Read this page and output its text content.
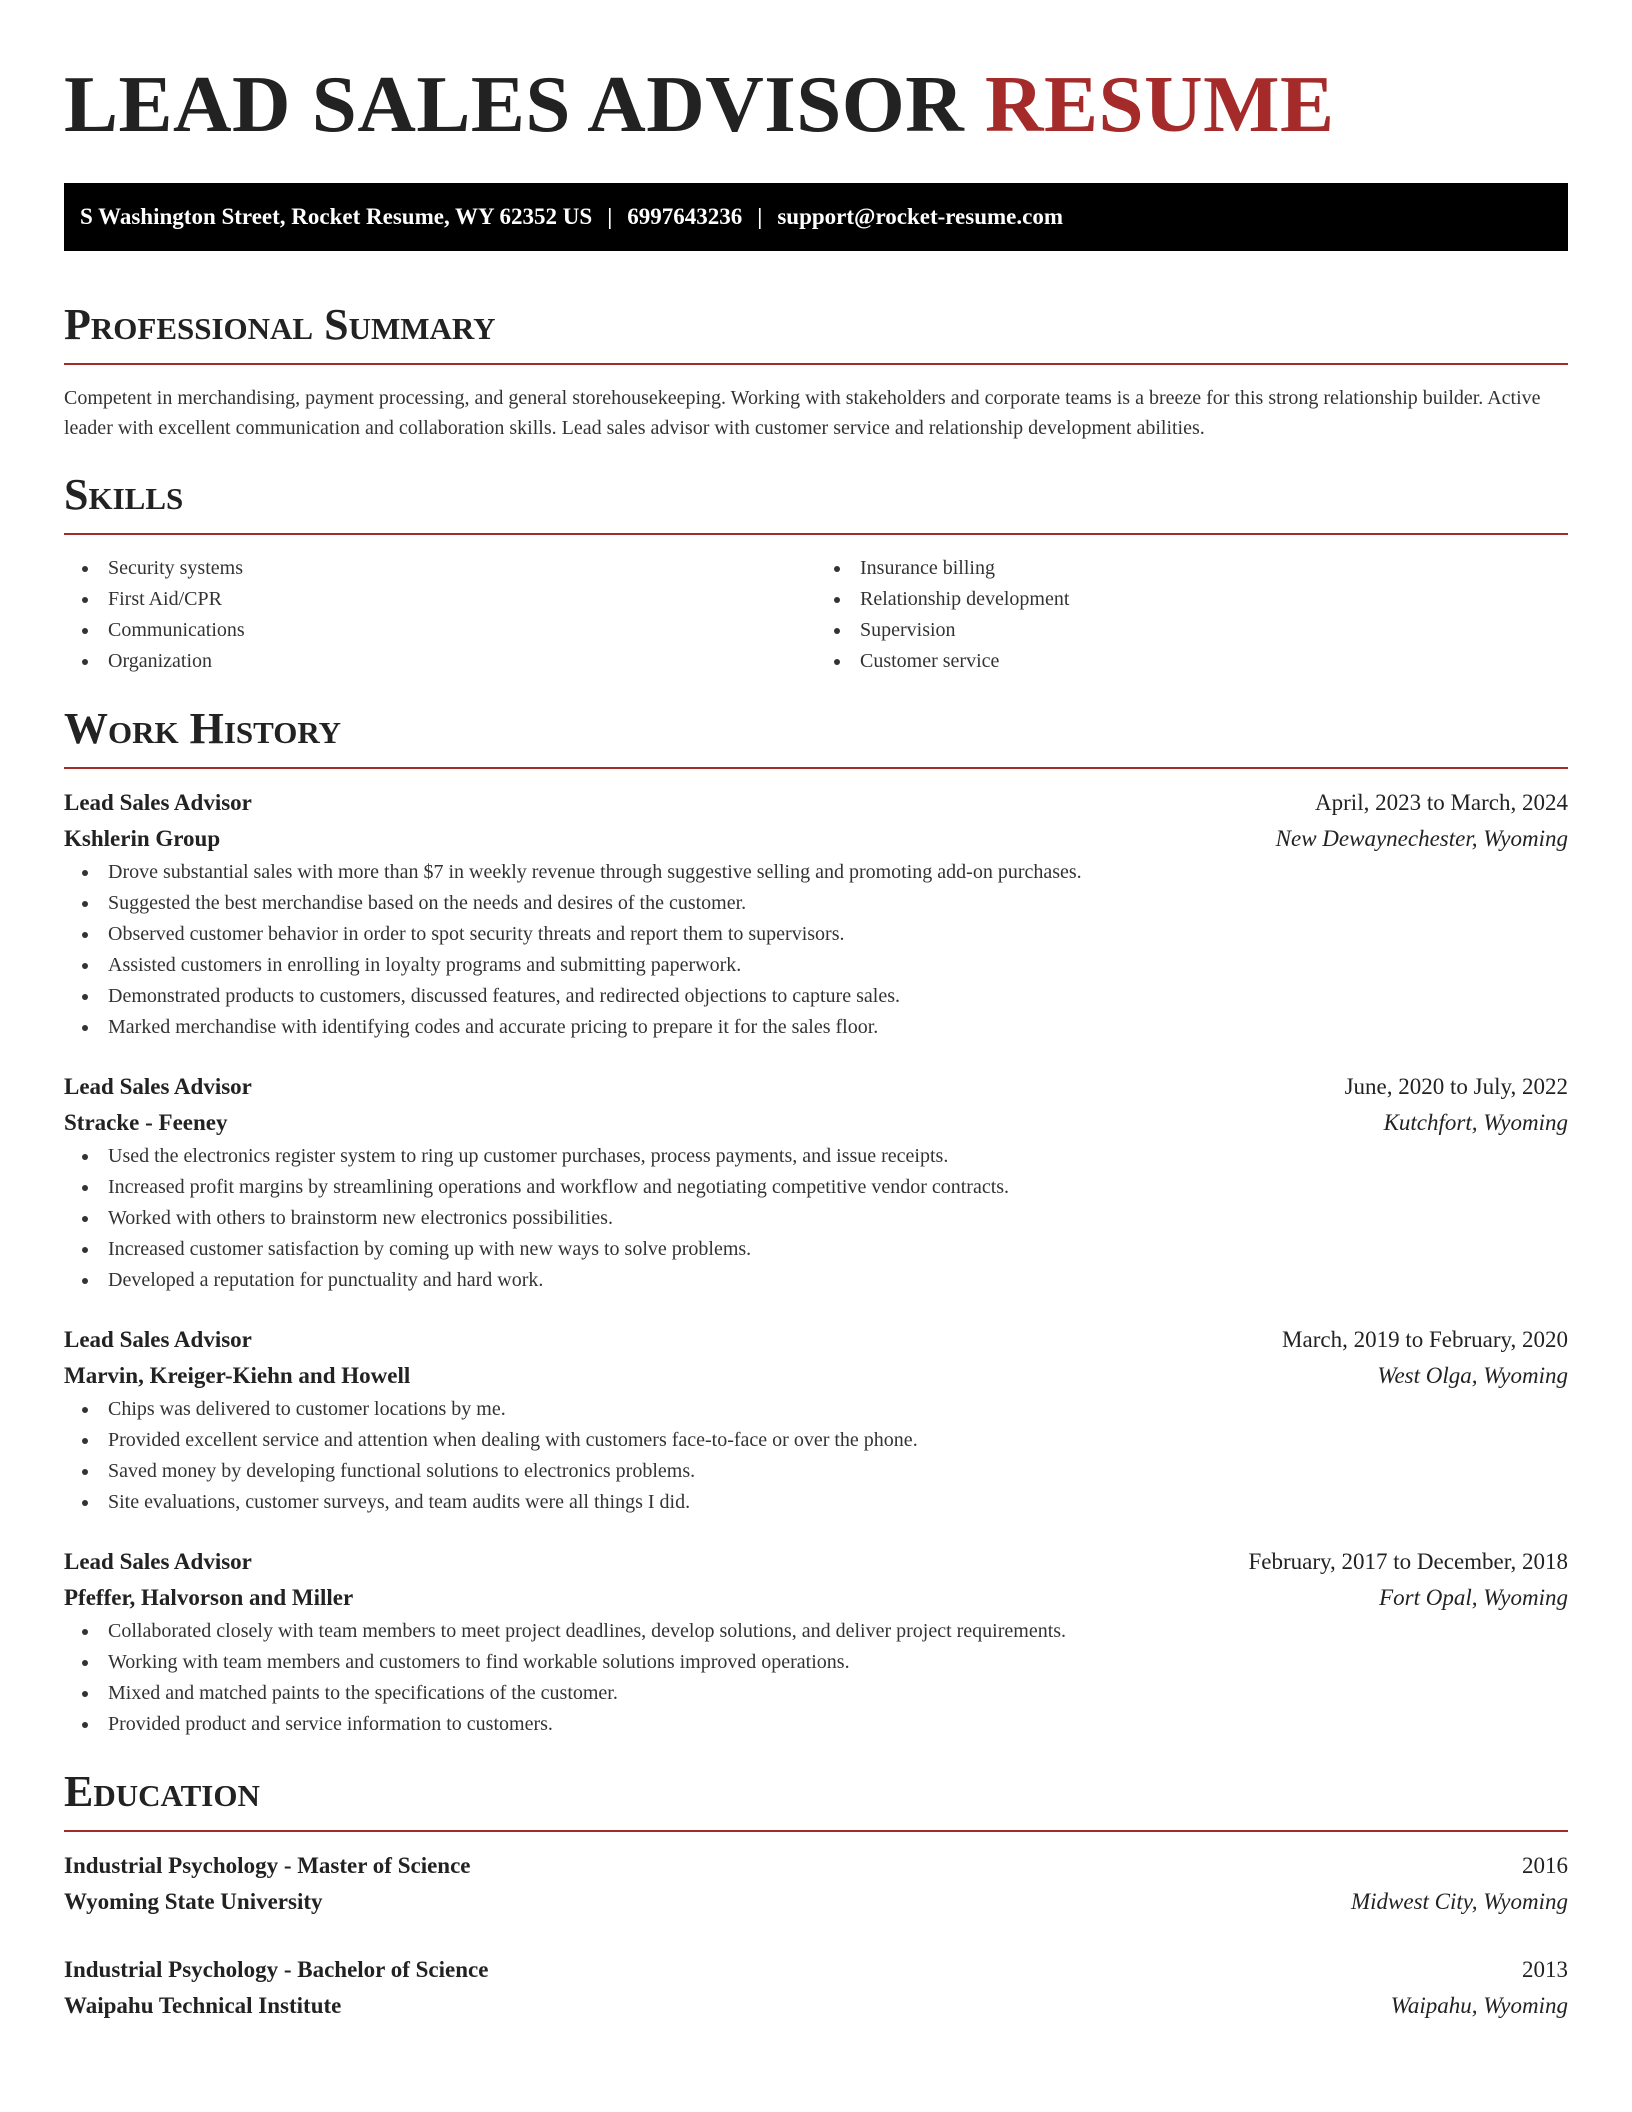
LEAD SALES ADVISOR RESUME
S Washington Street, Rocket Resume, WY 62352 US | 6997643236 | support@rocket-resume.com
Professional Summary

Competent in merchandising, payment processing, and general storehousekeeping. Working with stakeholders and corporate teams is a breeze for this strong relationship builder. Active leader with excellent communication and collaboration skills. Lead sales advisor with customer service and relationship development abilities.

Skills
Security systems
First Aid/CPR
Communications
Organization
Insurance billing
Relationship development
Supervision
Customer service
Work History
Lead Sales Advisor	April, 2023 to March, 2024
Kshlerin Group	New Dewaynechester, Wyoming
Drove substantial sales with more than $7 in weekly revenue through suggestive selling and promoting add-on purchases.
Suggested the best merchandise based on the needs and desires of the customer.
Observed customer behavior in order to spot security threats and report them to supervisors.
Assisted customers in enrolling in loyalty programs and submitting paperwork.
Demonstrated products to customers, discussed features, and redirected objections to capture sales.
Marked merchandise with identifying codes and accurate pricing to prepare it for the sales floor.
Lead Sales Advisor	June, 2020 to July, 2022
Stracke - Feeney	Kutchfort, Wyoming
Used the electronics register system to ring up customer purchases, process payments, and issue receipts.
Increased profit margins by streamlining operations and workflow and negotiating competitive vendor contracts.
Worked with others to brainstorm new electronics possibilities.
Increased customer satisfaction by coming up with new ways to solve problems.
Developed a reputation for punctuality and hard work.
Lead Sales Advisor	March, 2019 to February, 2020
Marvin, Kreiger-Kiehn and Howell	West Olga, Wyoming
Chips was delivered to customer locations by me.
Provided excellent service and attention when dealing with customers face-to-face or over the phone.
Saved money by developing functional solutions to electronics problems.
Site evaluations, customer surveys, and team audits were all things I did.
Lead Sales Advisor	February, 2017 to December, 2018
Pfeffer, Halvorson and Miller	Fort Opal, Wyoming
Collaborated closely with team members to meet project deadlines, develop solutions, and deliver project requirements.
Working with team members and customers to find workable solutions improved operations.
Mixed and matched paints to the specifications of the customer.
Provided product and service information to customers.
Education
Industrial Psychology - Master of Science	2016
Wyoming State University	Midwest City, Wyoming
Industrial Psychology - Bachelor of Science	2013
Waipahu Technical Institute	Waipahu, Wyoming
